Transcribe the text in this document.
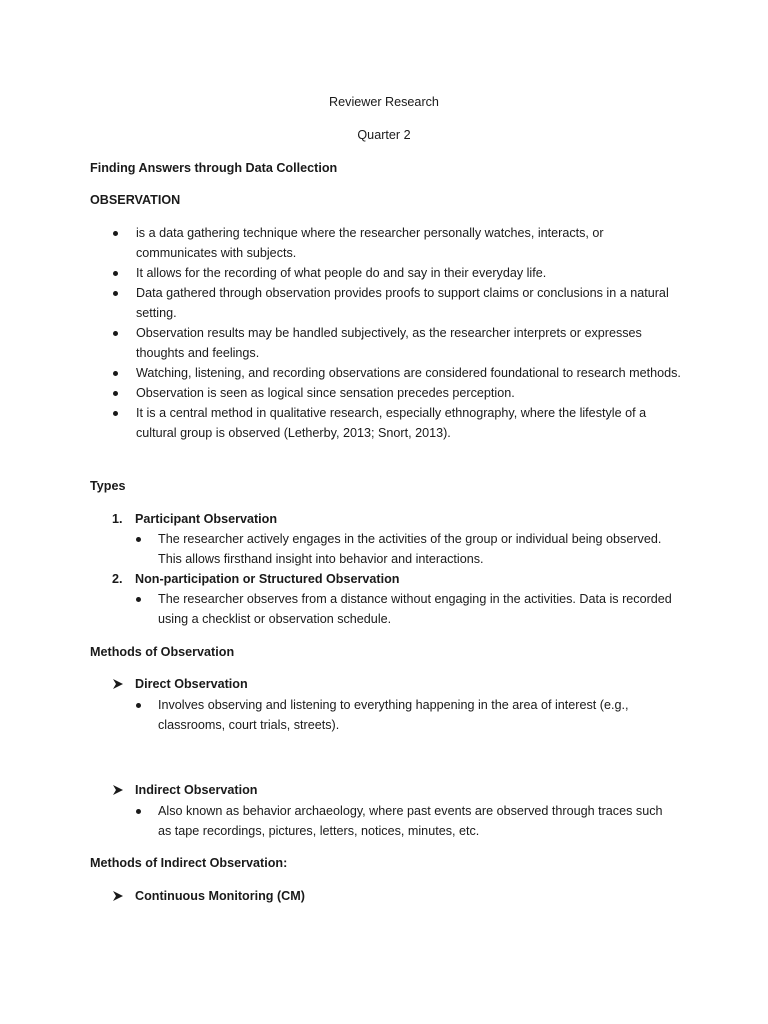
Reviewer Research
Quarter 2
Finding Answers through Data Collection
OBSERVATION
is a data gathering technique where the researcher personally watches, interacts, or communicates with subjects.
It allows for the recording of what people do and say in their everyday life.
Data gathered through observation provides proofs to support claims or conclusions in a natural setting.
Observation results may be handled subjectively, as the researcher interprets or expresses thoughts and feelings.
Watching, listening, and recording observations are considered foundational to research methods.
Observation is seen as logical since sensation precedes perception.
It is a central method in qualitative research, especially ethnography, where the lifestyle of a cultural group is observed (Letherby, 2013; Snort, 2013).
Types
1. Participant Observation
The researcher actively engages in the activities of the group or individual being observed. This allows firsthand insight into behavior and interactions.
2. Non-participation or Structured Observation
The researcher observes from a distance without engaging in the activities. Data is recorded using a checklist or observation schedule.
Methods of Observation
Direct Observation
Involves observing and listening to everything happening in the area of interest (e.g., classrooms, court trials, streets).
Indirect Observation
Also known as behavior archaeology, where past events are observed through traces such as tape recordings, pictures, letters, notices, minutes, etc.
Methods of Indirect Observation:
Continuous Monitoring (CM)
